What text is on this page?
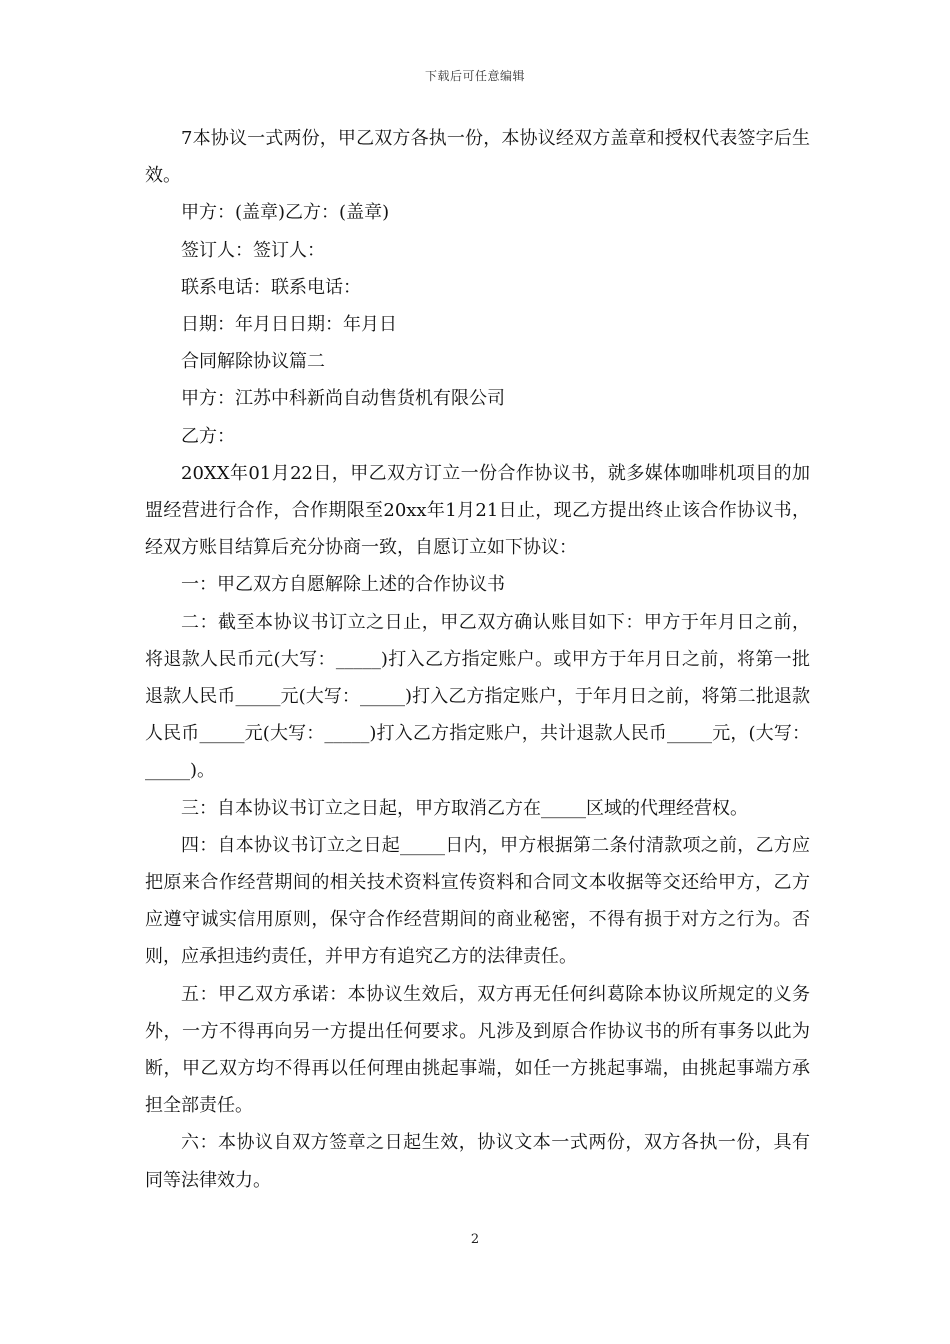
下载后可任意编辑

7本协议一式两份，甲乙双方各执一份，本协议经双方盖章和授权代表签字后生效。

甲方：(盖章)乙方：(盖章)

签订人：签订人：

联系电话：联系电话：

日期：年月日日期：年月日

合同解除协议篇二

甲方：江苏中科新尚自动售货机有限公司

乙方：

20XX年01月22日，甲乙双方订立一份合作协议书，就多媒体咖啡机项目的加盟经营进行合作，合作期限至20xx年1月21日止，现乙方提出终止该合作协议书，经双方账目结算后充分协商一致，自愿订立如下协议：

一：甲乙双方自愿解除上述的合作协议书

二：截至本协议书订立之日止，甲乙双方确认账目如下：甲方于年月日之前，将退款人民币元(大写：_____)打入乙方指定账户。或甲方于年月日之前，将第一批退款人民币_____元(大写：_____)打入乙方指定账户，于年月日之前，将第二批退款人民币_____元(大写：_____)打入乙方指定账户，共计退款人民币_____元，(大写：_____)。

三：自本协议书订立之日起，甲方取消乙方在_____区域的代理经营权。

四：自本协议书订立之日起_____日内，甲方根据第二条付清款项之前，乙方应把原来合作经营期间的相关技术资料宣传资料和合同文本收据等交还给甲方，乙方应遵守诚实信用原则，保守合作经营期间的商业秘密，不得有损于对方之行为。否则，应承担违约责任，并甲方有追究乙方的法律责任。

五：甲乙双方承诺：本协议生效后，双方再无任何纠葛除本协议所规定的义务外，一方不得再向另一方提出任何要求。凡涉及到原合作协议书的所有事务以此为断，甲乙双方均不得再以任何理由挑起事端，如任一方挑起事端，由挑起事端方承担全部责任。

六：本协议自双方签章之日起生效，协议文本一式两份，双方各执一份，具有同等法律效力。

2
